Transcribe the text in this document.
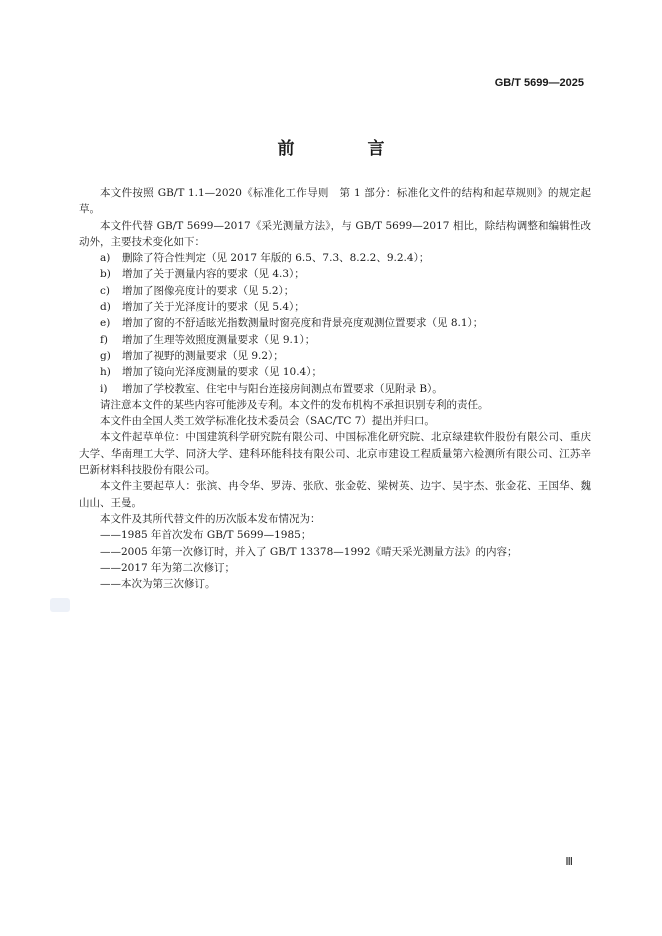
GB/T 5699—2025
前　言

本文件按照 GB/T 1.1—2020《标准化工作导则　第 1 部分：标准化文件的结构和起草规则》的规定起草。

本文件代替 GB/T 5699—2017《采光测量方法》，与 GB/T 5699—2017 相比，除结构调整和编辑性改动外，主要技术变化如下：

a) 删除了符合性判定（见 2017 年版的 6.5、7.3、8.2.2、9.2.4）；
b) 增加了关于测量内容的要求（见 4.3）；
c) 增加了图像亮度计的要求（见 5.2）；
d) 增加了关于光泽度计的要求（见 5.4）；
e) 增加了窗的不舒适眩光指数测量时窗亮度和背景亮度观测位置要求（见 8.1）；
f) 增加了生理等效照度测量要求（见 9.1）；
g) 增加了视野的测量要求（见 9.2）；
h) 增加了镜向光泽度测量的要求（见 10.4）；
i) 增加了学校教室、住宅中与阳台连接房间测点布置要求（见附录 B）。

请注意本文件的某些内容可能涉及专利。本文件的发布机构不承担识别专利的责任。

本文件由全国人类工效学标准化技术委员会（SAC/TC 7）提出并归口。

本文件起草单位：中国建筑科学研究院有限公司、中国标准化研究院、北京绿建软件股份有限公司、重庆大学、华南理工大学、同济大学、建科环能科技有限公司、北京市建设工程质量第六检测所有限公司、江苏辛巴新材料科技股份有限公司。

本文件主要起草人：张滨、冉令华、罗涛、张欣、张金乾、梁树英、边宇、吴宇杰、张金花、王国华、魏山山、王曼。

本文件及其所代替文件的历次版本发布情况为：

——1985 年首次发布 GB/T 5699—1985；
——2005 年第一次修订时，并入了 GB/T 13378—1992《晴天采光测量方法》的内容；
——2017 年为第二次修订；
——本次为第三次修订。
Ⅲ
